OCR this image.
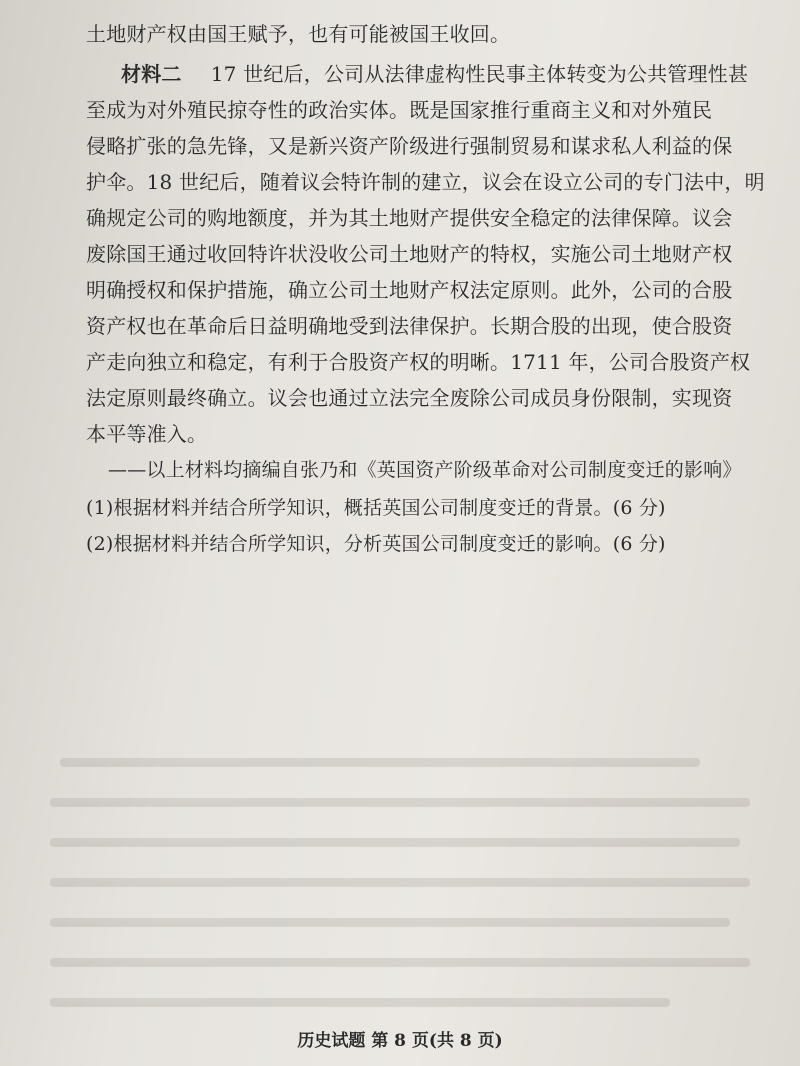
土地财产权由国王赋予，也有可能被国王收回。
材料二 17 世纪后，公司从法律虚构性民事主体转变为公共管理性甚
至成为对外殖民掠夺性的政治实体。既是国家推行重商主义和对外殖民
侵略扩张的急先锋，又是新兴资产阶级进行强制贸易和谋求私人利益的保
护伞。18 世纪后，随着议会特许制的建立，议会在设立公司的专门法中，明
确规定公司的购地额度，并为其土地财产提供安全稳定的法律保障。议会
废除国王通过收回特许状没收公司土地财产的特权，实施公司土地财产权
明确授权和保护措施，确立公司土地财产权法定原则。此外，公司的合股
资产权也在革命后日益明确地受到法律保护。长期合股的出现，使合股资
产走向独立和稳定，有利于合股资产权的明晰。1711 年，公司合股资产权
法定原则最终确立。议会也通过立法完全废除公司成员身份限制，实现资
本平等准入。
——以上材料均摘编自张乃和《英国资产阶级革命对公司制度变迁的影响》
(1)根据材料并结合所学知识，概括英国公司制度变迁的背景。(6 分)
(2)根据材料并结合所学知识，分析英国公司制度变迁的影响。(6 分)
历史试题 第 8 页(共 8 页)
